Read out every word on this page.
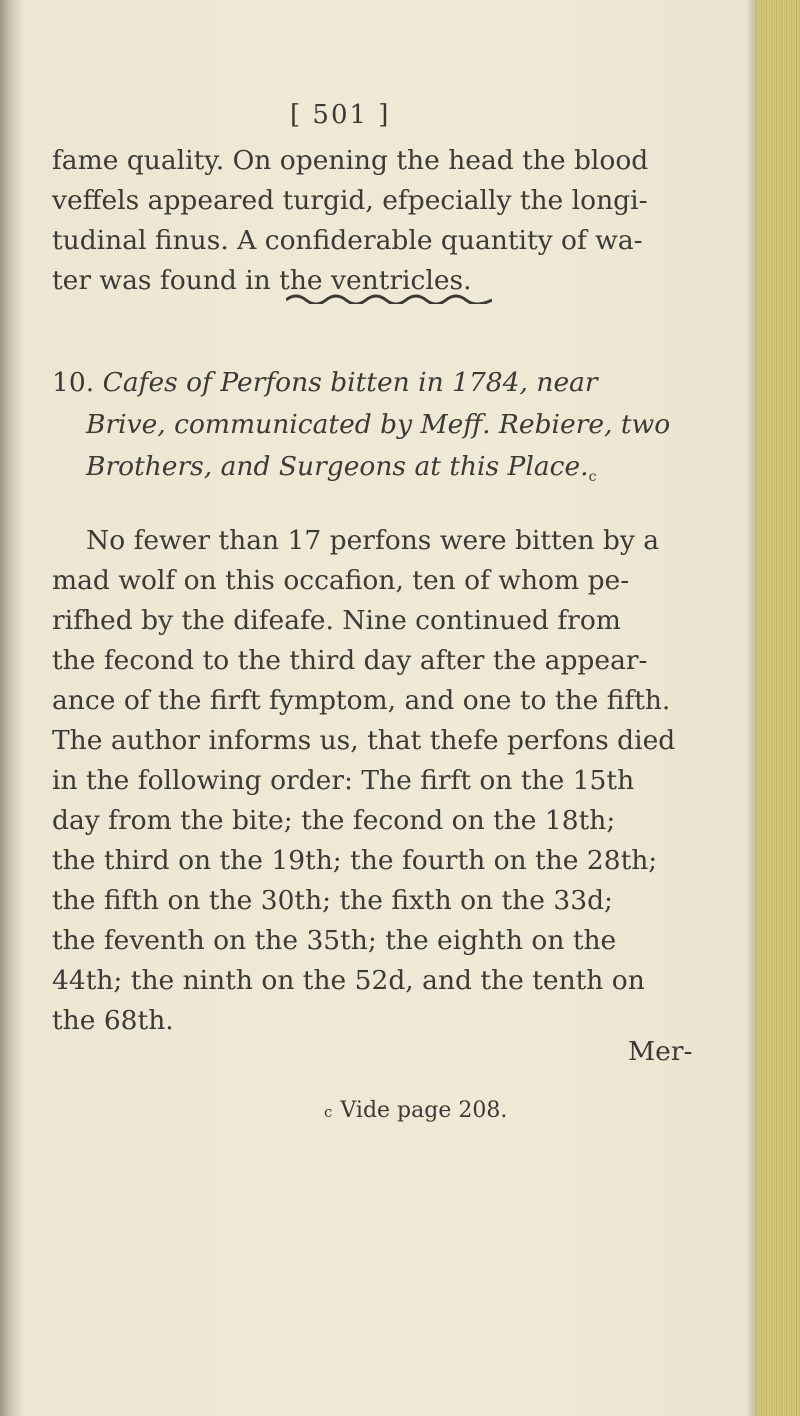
[ 501 ]
fame quality. On opening the head the blood
veffels appeared turgid, efpecially the longi-
tudinal finus. A confiderable quantity of wa-
ter was found in the ventricles.
10. Cafes of Perfons bitten in 1784, near
Brive, communicated by Meff. Rebiere, two
Brothers, and Surgeons at this $Place._c$
No fewer than 17 perfons were bitten by a
mad wolf on this occafion, ten of whom pe-
rifhed by the difeafe. Nine continued from
the fecond to the third day after the appear-
ance of the firft fymptom, and one to the fifth.
The author informs us, that thefe perfons died
in the following order: The firft on the 15th
day from the bite; the fecond on the 18th;
the third on the 19th; the fourth on the 28th;
the fifth on the 30th; the fixth on the 33d;
the feventh on the 35th; the eighth on the
44th; the ninth on the 52d, and the tenth on
the 68th.
Mer-
c Vide page 208.
